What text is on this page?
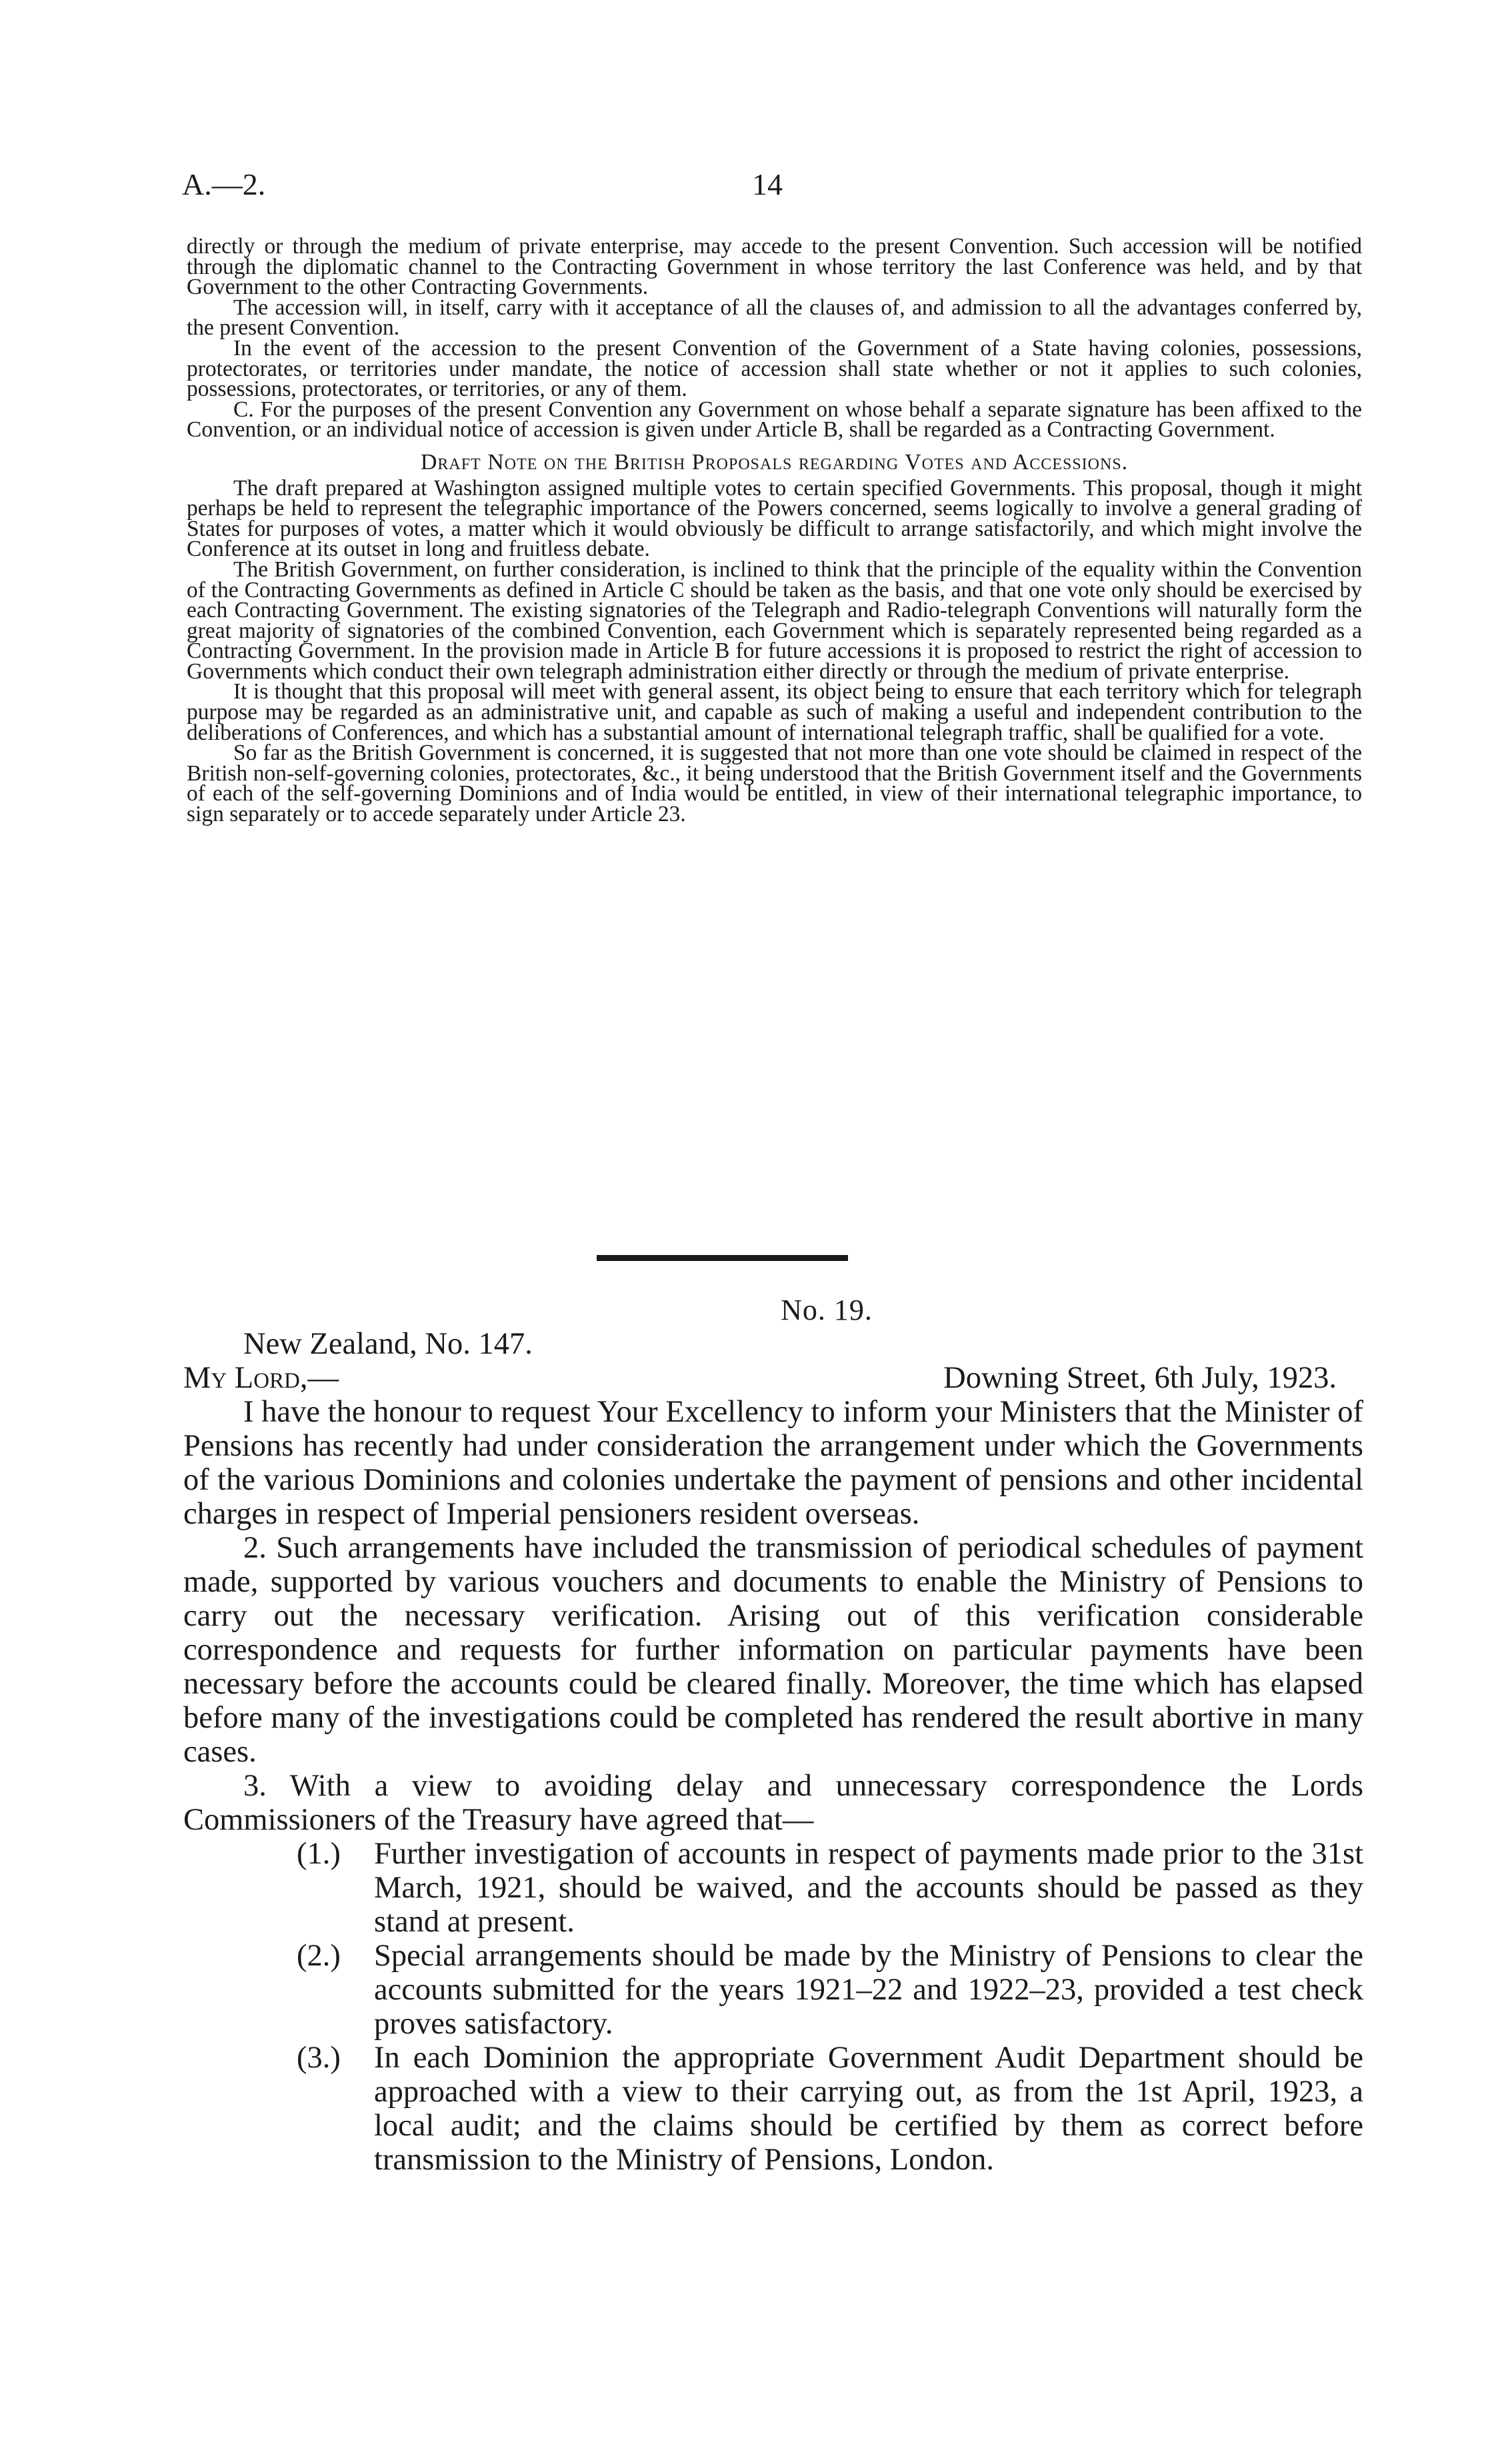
A.—2.	14

directly or through the medium of private enterprise, may accede to the present Convention. Such accession will be notified through the diplomatic channel to the Contracting Government in whose territory the last Conference was held, and by that Government to the other Contracting Governments.

The accession will, in itself, carry with it acceptance of all the clauses of, and admission to all the advantages conferred by, the present Convention.

In the event of the accession to the present Convention of the Government of a State having colonies, possessions, protectorates, or territories under mandate, the notice of accession shall state whether or not it applies to such colonies, possessions, protectorates, or territories, or any of them.

C. For the purposes of the present Convention any Government on whose behalf a separate signature has been affixed to the Convention, or an individual notice of accession is given under Article B, shall be regarded as a Contracting Government.

Draft Note on the British Proposals regarding Votes and Accessions.

The draft prepared at Washington assigned multiple votes to certain specified Governments. This proposal, though it might perhaps be held to represent the telegraphic importance of the Powers concerned, seems logically to involve a general grading of States for purposes of votes, a matter which it would obviously be difficult to arrange satisfactorily, and which might involve the Conference at its outset in long and fruitless debate.

The British Government, on further consideration, is inclined to think that the principle of the equality within the Convention of the Contracting Governments as defined in Article C should be taken as the basis, and that one vote only should be exercised by each Contracting Government. The existing signatories of the Telegraph and Radio-telegraph Conventions will naturally form the great majority of signatories of the combined Convention, each Government which is separately represented being regarded as a Contracting Government. In the provision made in Article B for future accessions it is proposed to restrict the right of accession to Governments which conduct their own telegraph administration either directly or through the medium of private enterprise.

It is thought that this proposal will meet with general assent, its object being to ensure that each territory which for telegraph purpose may be regarded as an administrative unit, and capable as such of making a useful and independent contribution to the deliberations of Conferences, and which has a substantial amount of international telegraph traffic, shall be qualified for a vote.

So far as the British Government is concerned, it is suggested that not more than one vote should be claimed in respect of the British non-self-governing colonies, protectorates, &c., it being understood that the British Government itself and the Governments of each of the self-governing Dominions and of India would be entitled, in view of their international telegraphic importance, to sign separately or to accede separately under Article 23.

No. 19.

New Zealand, No. 147.

My Lord,—	Downing Street, 6th July, 1923.

I have the honour to request Your Excellency to inform your Ministers that the Minister of Pensions has recently had under consideration the arrangement under which the Governments of the various Dominions and colonies undertake the payment of pensions and other incidental charges in respect of Imperial pensioners resident overseas.

2. Such arrangements have included the transmission of periodical schedules of payment made, supported by various vouchers and documents to enable the Ministry of Pensions to carry out the necessary verification. Arising out of this verification considerable correspondence and requests for further information on particular payments have been necessary before the accounts could be cleared finally. Moreover, the time which has elapsed before many of the investigations could be completed has rendered the result abortive in many cases.

3. With a view to avoiding delay and unnecessary correspondence the Lords Commissioners of the Treasury have agreed that—

(1.)	Further investigation of accounts in respect of payments made prior to the 31st March, 1921, should be waived, and the accounts should be passed as they stand at present.
(2.)	Special arrangements should be made by the Ministry of Pensions to clear the accounts submitted for the years 1921–22 and 1922–23, provided a test check proves satisfactory.
(3.)	In each Dominion the appropriate Government Audit Department should be approached with a view to their carrying out, as from the 1st April, 1923, a local audit; and the claims should be certified by them as correct before transmission to the Ministry of Pensions, London.
